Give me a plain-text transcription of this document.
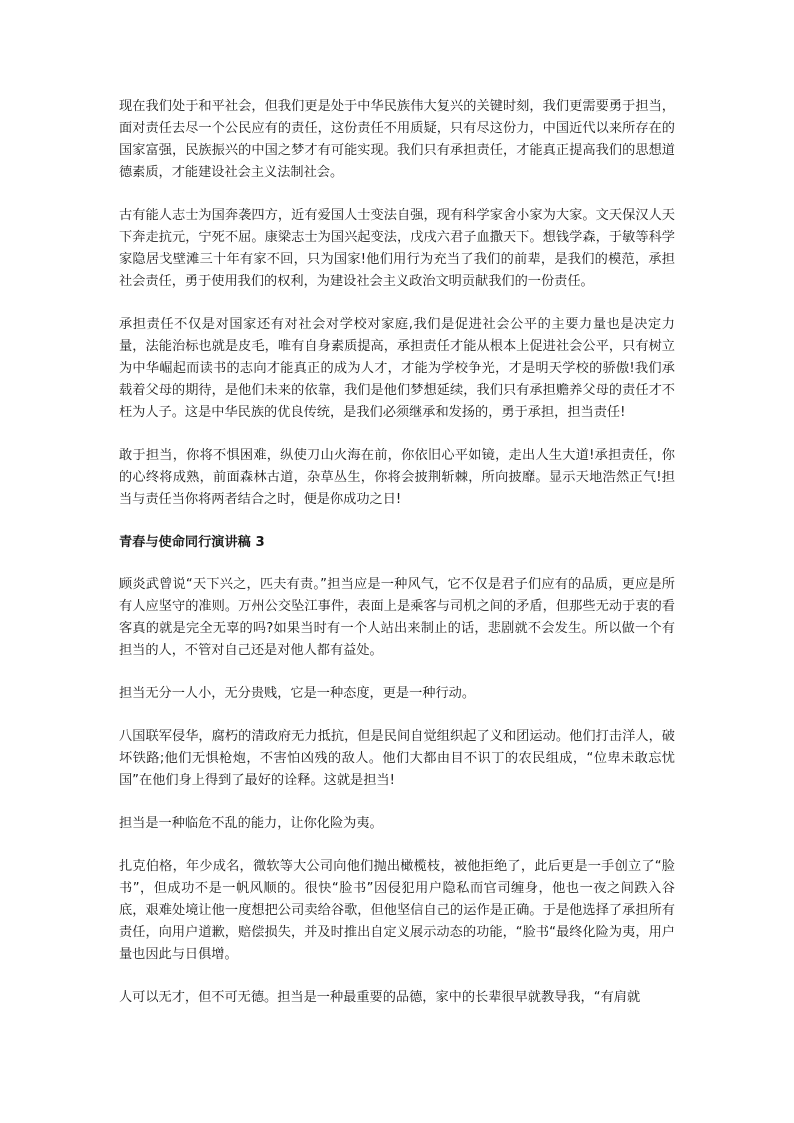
现在我们处于和平社会，但我们更是处于中华民族伟大复兴的关键时刻，我们更需要勇于担当，面对责任去尽一个公民应有的责任，这份责任不用质疑，只有尽这份力，中国近代以来所存在的国家富强，民族振兴的中国之梦才有可能实现。我们只有承担责任，才能真正提高我们的思想道德素质，才能建设社会主义法制社会。

古有能人志士为国奔袭四方，近有爱国人士变法自强，现有科学家舍小家为大家。文天保汉人天下奔走抗元，宁死不屈。康梁志士为国兴起变法，戊戌六君子血撒天下。想钱学森，于敏等科学家隐居戈壁滩三十年有家不回，只为国家!他们用行为充当了我们的前辈，是我们的模范，承担社会责任，勇于使用我们的权利，为建设社会主义政治文明贡献我们的一份责任。

承担责任不仅是对国家还有对社会对学校对家庭,我们是促进社会公平的主要力量也是决定力量，法能治标也就是皮毛，唯有自身素质提高，承担责任才能从根本上促进社会公平，只有树立为中华崛起而读书的志向才能真正的成为人才，才能为学校争光，才是明天学校的骄傲!我们承载着父母的期待，是他们未来的依靠，我们是他们梦想延续，我们只有承担赡养父母的责任才不枉为人子。这是中华民族的优良传统，是我们必须继承和发扬的，勇于承担，担当责任!

敢于担当，你将不惧困难，纵使刀山火海在前，你依旧心平如镜，走出人生大道!承担责任，你的心终将成熟，前面森林古道，杂草丛生，你将会披荆斩棘，所向披靡。显示天地浩然正气!担当与责任当你将两者结合之时，便是你成功之日!

青春与使命同行演讲稿 3

顾炎武曾说“天下兴之，匹夫有责。”担当应是一种风气，它不仅是君子们应有的品质，更应是所有人应坚守的准则。万州公交坠江事件，表面上是乘客与司机之间的矛盾，但那些无动于衷的看客真的就是完全无辜的吗?如果当时有一个人站出来制止的话，悲剧就不会发生。所以做一个有担当的人，不管对自己还是对他人都有益处。

担当无分一人小，无分贵贱，它是一种态度，更是一种行动。

八国联军侵华，腐朽的清政府无力抵抗，但是民间自觉组织起了义和团运动。他们打击洋人，破坏铁路;他们无惧枪炮，不害怕凶残的敌人。他们大都由目不识丁的农民组成，“位卑未敢忘忧国”在他们身上得到了最好的诠释。这就是担当!

担当是一种临危不乱的能力，让你化险为夷。

扎克伯格，年少成名，微软等大公司向他们抛出橄榄枝，被他拒绝了，此后更是一手创立了“脸书”，但成功不是一帆风顺的。很快“脸书”因侵犯用户隐私而官司缠身，他也一夜之间跌入谷底，艰难处境让他一度想把公司卖给谷歌，但他坚信自己的运作是正确。于是他选择了承担所有责任，向用户道歉，赔偿损失，并及时推出自定义展示动态的功能，“脸书“最终化险为夷，用户量也因此与日俱增。

人可以无才，但不可无德。担当是一种最重要的品德，家中的长辈很早就教导我，“有肩就
